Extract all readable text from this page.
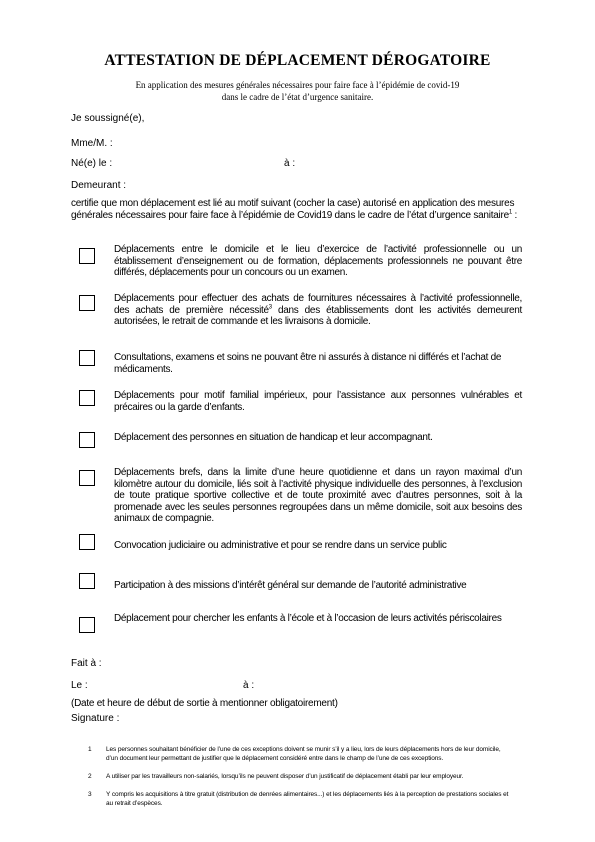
ATTESTATION DE DÉPLACEMENT DÉROGATOIRE
En application des mesures générales nécessaires pour faire face à l’épidémie de covid-19
dans le cadre de l’état d’urgence sanitaire.
Je soussigné(e),
Mme/M. :
Né(e) le :	à :
Demeurant :
certifie que mon déplacement est lié au motif suivant (cocher la case) autorisé en application des mesures générales nécessaires pour faire face à l’épidémie de Covid19 dans le cadre de l’état d’urgence sanitaire$^1$ :
Déplacements entre le domicile et le lieu d’exercice de l’activité professionnelle ou un établissement d’enseignement ou de formation, déplacements professionnels ne pouvant être différés, déplacements pour un concours ou un examen.
Déplacements pour effectuer des achats de fournitures nécessaires à l’activité professionnelle, des achats de première nécessité$^3$ dans des établissements dont les activités demeurent autorisées, le retrait de commande et les livraisons à domicile.
Consultations, examens et soins ne pouvant être ni assurés à distance ni différés et l’achat de médicaments.
Déplacements pour motif familial impérieux, pour l’assistance aux personnes vulnérables et précaires ou la garde d’enfants.
Déplacement des personnes en situation de handicap et leur accompagnant.
Déplacements brefs, dans la limite d’une heure quotidienne et dans un rayon maximal d’un kilomètre autour du domicile, liés soit à l’activité physique individuelle des personnes, à l’exclusion de toute pratique sportive collective et de toute proximité avec d’autres personnes, soit à la promenade avec les seules personnes regroupées dans un même domicile, soit aux besoins des animaux de compagnie.
Convocation judiciaire ou administrative et pour se rendre dans un service public
Participation à des missions d’intérêt général sur demande de l’autorité administrative
Déplacement pour chercher les enfants à l’école et à l’occasion de leurs activités périscolaires
Fait à :
Le :	à :
(Date et heure de début de sortie à mentionner obligatoirement)
Signature :
1	Les personnes souhaitant bénéficier de l’une de ces exceptions doivent se munir s’il y a lieu, lors de leurs déplacements hors de leur domicile, d’un document leur permettant de justifier que le déplacement considéré entre dans le champ de l’une de ces exceptions.
2	A utiliser par les travailleurs non-salariés, lorsqu’ils ne peuvent disposer d’un justificatif de déplacement établi par leur employeur.
3	Y compris les acquisitions à titre gratuit (distribution de denrées alimentaires...) et les déplacements liés à la perception de prestations sociales et au retrait d’espèces.
